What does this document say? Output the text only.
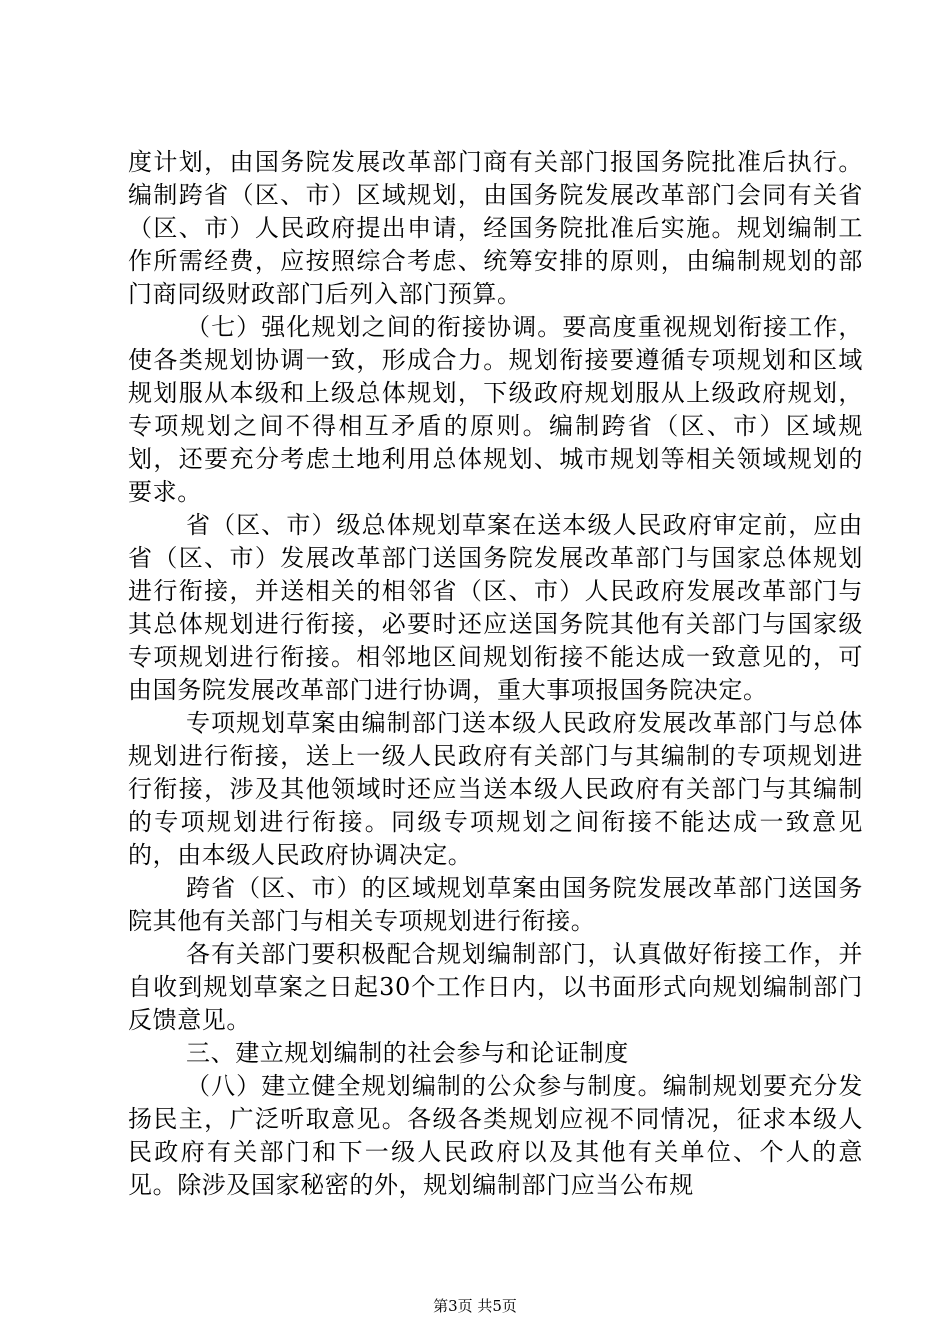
度计划，由国务院发展改革部门商有关部门报国务院批准后执行。编制跨省（区、市）区域规划，由国务院发展改革部门会同有关省（区、市）人民政府提出申请，经国务院批准后实施。规划编制工作所需经费，应按照综合考虑、统筹安排的原则，由编制规划的部门商同级财政部门后列入部门预算。

（七）强化规划之间的衔接协调。要高度重视规划衔接工作，使各类规划协调一致，形成合力。规划衔接要遵循专项规划和区域规划服从本级和上级总体规划，下级政府规划服从上级政府规划，专项规划之间不得相互矛盾的原则。编制跨省（区、市）区域规划，还要充分考虑土地利用总体规划、城市规划等相关领域规划的要求。

省（区、市）级总体规划草案在送本级人民政府审定前，应由省（区、市）发展改革部门送国务院发展改革部门与国家总体规划进行衔接，并送相关的相邻省（区、市）人民政府发展改革部门与其总体规划进行衔接，必要时还应送国务院其他有关部门与国家级专项规划进行衔接。相邻地区间规划衔接不能达成一致意见的，可由国务院发展改革部门进行协调，重大事项报国务院决定。

专项规划草案由编制部门送本级人民政府发展改革部门与总体规划进行衔接，送上一级人民政府有关部门与其编制的专项规划进行衔接，涉及其他领域时还应当送本级人民政府有关部门与其编制的专项规划进行衔接。同级专项规划之间衔接不能达成一致意见的，由本级人民政府协调决定。

跨省（区、市）的区域规划草案由国务院发展改革部门送国务院其他有关部门与相关专项规划进行衔接。

各有关部门要积极配合规划编制部门，认真做好衔接工作，并自收到规划草案之日起30个工作日内，以书面形式向规划编制部门反馈意见。

三、建立规划编制的社会参与和论证制度

（八）建立健全规划编制的公众参与制度。编制规划要充分发扬民主，广泛听取意见。各级各类规划应视不同情况，征求本级人民政府有关部门和下一级人民政府以及其他有关单位、个人的意见。除涉及国家秘密的外，规划编制部门应当公布规

第3页 共5页
